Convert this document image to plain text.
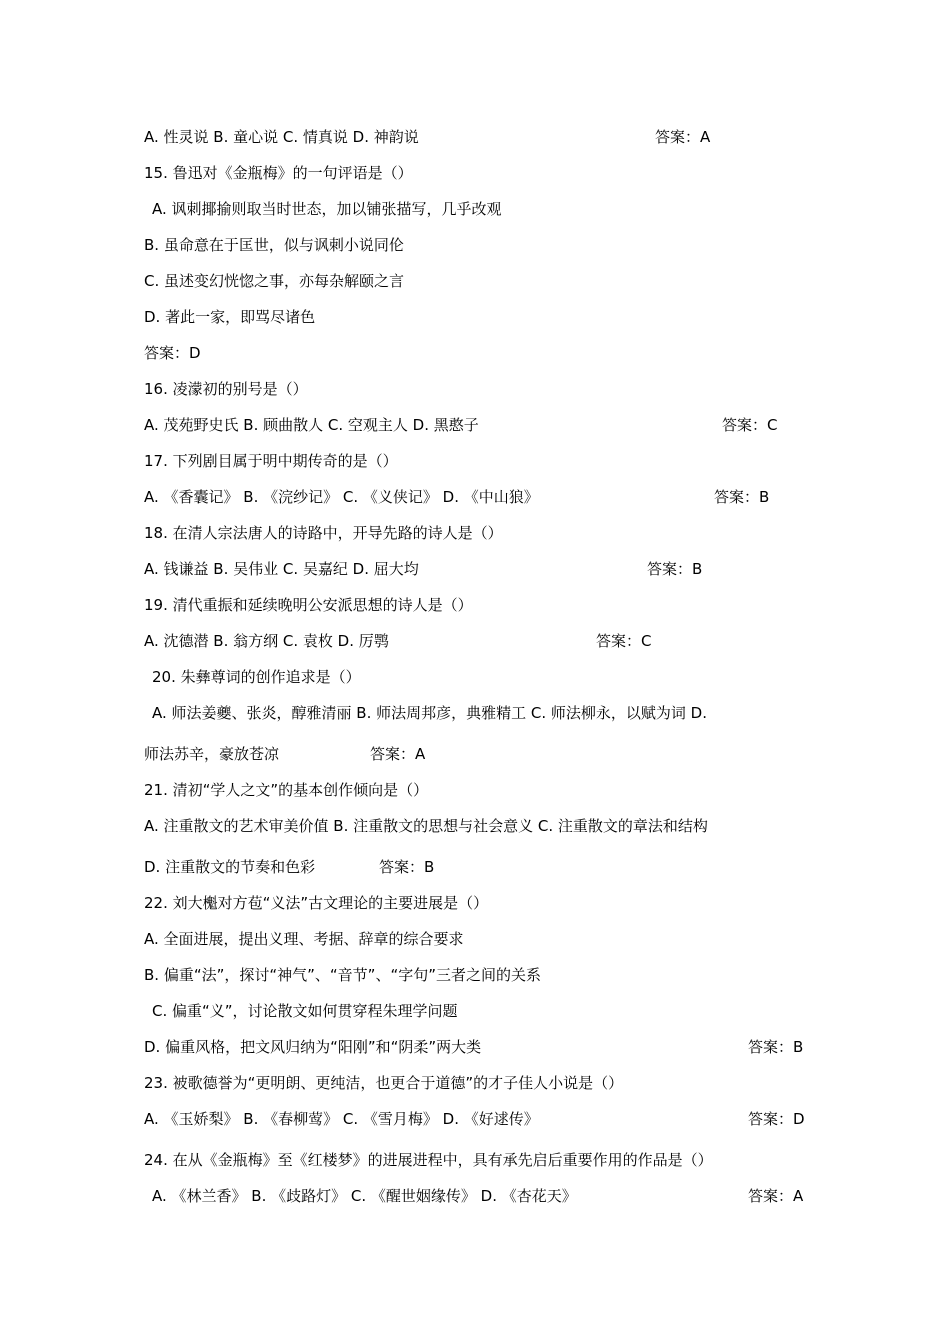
A. 性灵说 B. 童心说 C. 情真说 D. 神韵说	答案：A
15. 鲁迅对《金瓶梅》的一句评语是（）
A. 讽刺揶揄则取当时世态，加以铺张描写，几乎改观
B. 虽命意在于匡世，似与讽刺小说同伦
C. 虽述变幻恍惚之事，亦每杂解颐之言
D. 著此一家，即骂尽诸色
答案：D
16. 凌濛初的别号是（）
A. 茂苑野史氏 B. 顾曲散人 C. 空观主人 D. 黑憨子	答案：C
17. 下列剧目属于明中期传奇的是（）
A. 《香囊记》 B. 《浣纱记》 C. 《义侠记》 D. 《中山狼》	答案：B
18. 在清人宗法唐人的诗路中，开导先路的诗人是（）
A. 钱谦益 B. 吴伟业 C. 吴嘉纪 D. 屈大均	答案：B
19. 清代重振和延续晚明公安派思想的诗人是（）
A. 沈德潜 B. 翁方纲 C. 袁枚 D. 厉鹗	答案：C
20. 朱彝尊词的创作追求是（）
A. 师法姜夔、张炎，醇雅清丽 B. 师法周邦彦，典雅精工 C. 师法柳永，以赋为词 D.
师法苏辛，豪放苍凉	答案：A
21. 清初“学人之文”的基本创作倾向是（）
A. 注重散文的艺术审美价值 B. 注重散文的思想与社会意义 C. 注重散文的章法和结构
D. 注重散文的节奏和色彩	答案：B
22. 刘大櫆对方苞“义法”古文理论的主要进展是（）
A. 全面进展，提出义理、考据、辞章的综合要求
B. 偏重“法”，探讨“神气”、“音节”、“字句”三者之间的关系
C. 偏重“义”，讨论散文如何贯穿程朱理学问题
D. 偏重风格，把文风归纳为“阳刚”和“阴柔”两大类	答案：B
23. 被歌德誉为“更明朗、更纯洁，也更合于道德”的才子佳人小说是（）
A. 《玉娇梨》 B. 《春柳莺》 C. 《雪月梅》 D. 《好逑传》	答案：D
24. 在从《金瓶梅》至《红楼梦》的进展进程中，具有承先启后重要作用的作品是（）
A. 《林兰香》 B. 《歧路灯》 C. 《醒世姻缘传》 D. 《杏花天》	答案：A
